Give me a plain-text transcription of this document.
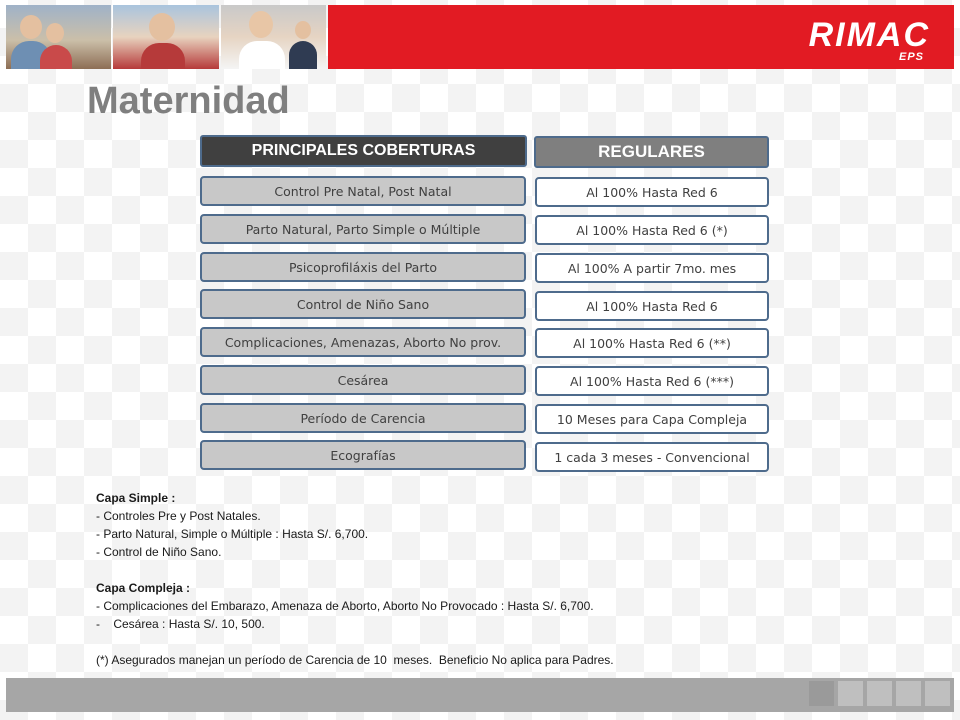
RIMAC
EPS
Maternidad
PRINCIPALES COBERTURAS	REGULARES
Control Pre Natal, Post Natal	Al 100% Hasta Red 6
Parto Natural, Parto Simple o Múltiple	Al 100% Hasta Red 6 (*)
Psicoprofiláxis del Parto	Al 100% A partir 7mo. mes
Control de Niño Sano	Al 100% Hasta Red 6
Complicaciones, Amenazas, Aborto No prov.	Al 100% Hasta Red 6 (**)
Cesárea	Al 100% Hasta Red 6 (***)
Período de Carencia	10 Meses para Capa Compleja
Ecografías	1 cada 3 meses - Convencional
Capa Simple :
- Controles Pre y Post Natales.
- Parto Natural, Simple o Múltiple : Hasta S/. 6,700.
- Control de Niño Sano.
Capa Compleja :
- Complicaciones del Embarazo, Amenaza de Aborto, Aborto No Provocado : Hasta S/. 6,700.
-    Cesárea : Hasta S/. 10, 500.
(*) Asegurados manejan un período de Carencia de 10  meses.  Beneficio No aplica para Padres.
